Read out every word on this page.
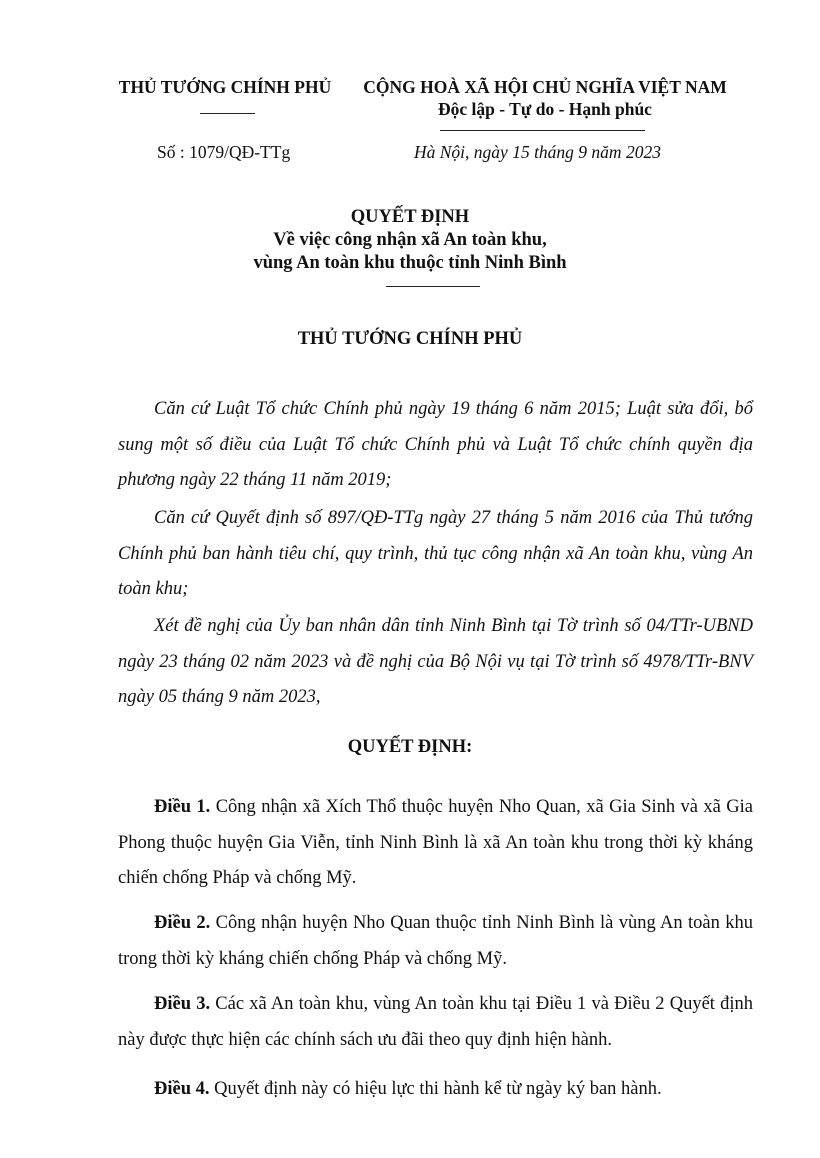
THỦ TƯỚNG CHÍNH PHỦ	CỘNG HOÀ XÃ HỘI CHỦ NGHĨA VIỆT NAM
Độc lập - Tự do - Hạnh phúc
Số : 1079/QĐ-TTg	Hà Nội, ngày 15 tháng 9 năm 2023
QUYẾT ĐỊNH
Về việc công nhận xã An toàn khu,
vùng An toàn khu thuộc tỉnh Ninh Bình
THỦ TƯỚNG CHÍNH PHỦ
Căn cứ Luật Tổ chức Chính phủ ngày 19 tháng 6 năm 2015; Luật sửa đổi, bổ sung một số điều của Luật Tổ chức Chính phủ và Luật Tổ chức chính quyền địa phương ngày 22 tháng 11 năm 2019;
Căn cứ Quyết định số 897/QĐ-TTg ngày 27 tháng 5 năm 2016 của Thủ tướng Chính phủ ban hành tiêu chí, quy trình, thủ tục công nhận xã An toàn khu, vùng An toàn khu;
Xét đề nghị của Ủy ban nhân dân tỉnh Ninh Bình tại Tờ trình số 04/TTr-UBND ngày 23 tháng 02 năm 2023 và đề nghị của Bộ Nội vụ tại Tờ trình số 4978/TTr-BNV ngày 05 tháng 9 năm 2023,
QUYẾT ĐỊNH:
Điều 1. Công nhận xã Xích Thổ thuộc huyện Nho Quan, xã Gia Sinh và xã Gia Phong thuộc huyện Gia Viễn, tỉnh Ninh Bình là xã An toàn khu trong thời kỳ kháng chiến chống Pháp và chống Mỹ.
Điều 2. Công nhận huyện Nho Quan thuộc tỉnh Ninh Bình là vùng An toàn khu trong thời kỳ kháng chiến chống Pháp và chống Mỹ.
Điều 3. Các xã An toàn khu, vùng An toàn khu tại Điều 1 và Điều 2 Quyết định này được thực hiện các chính sách ưu đãi theo quy định hiện hành.
Điều 4. Quyết định này có hiệu lực thi hành kể từ ngày ký ban hành.
